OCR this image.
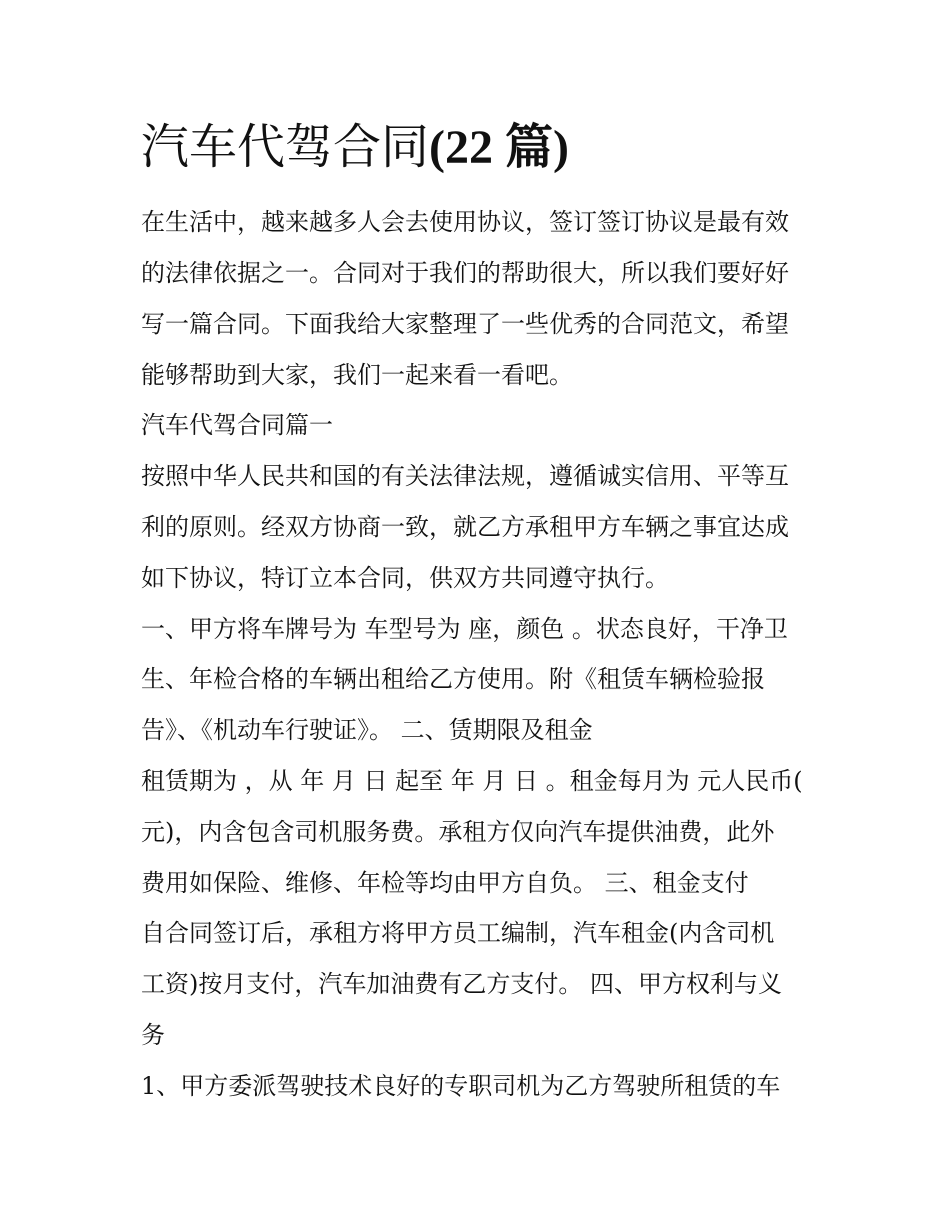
汽车代驾合同(22 篇)

在生活中，越来越多人会去使用协议，签订签订协议是最有效

的法律依据之一。合同对于我们的帮助很大，所以我们要好好

写一篇合同。下面我给大家整理了一些优秀的合同范文，希望

能够帮助到大家，我们一起来看一看吧。

汽车代驾合同篇一

按照中华人民共和国的有关法律法规，遵循诚实信用、平等互

利的原则。经双方协商一致，就乙方承租甲方车辆之事宜达成

如下协议，特订立本合同，供双方共同遵守执行。

一、甲方将车牌号为 车型号为 座，颜色 。状态良好，干净卫

生、年检合格的车辆出租给乙方使用。附《租赁车辆检验报

告》、《机动车行驶证》。 二、赁期限及租金

租赁期为 ，从 年 月 日 起至 年 月 日 。租金每月为 元人民币(

元)，内含包含司机服务费。承租方仅向汽车提供油费，此外

费用如保险、维修、年检等均由甲方自负。 三、租金支付

自合同签订后，承租方将甲方员工编制，汽车租金(内含司机

工资)按月支付，汽车加油费有乙方支付。 四、甲方权利与义

务

1、甲方委派驾驶技术良好的专职司机为乙方驾驶所租赁的车
